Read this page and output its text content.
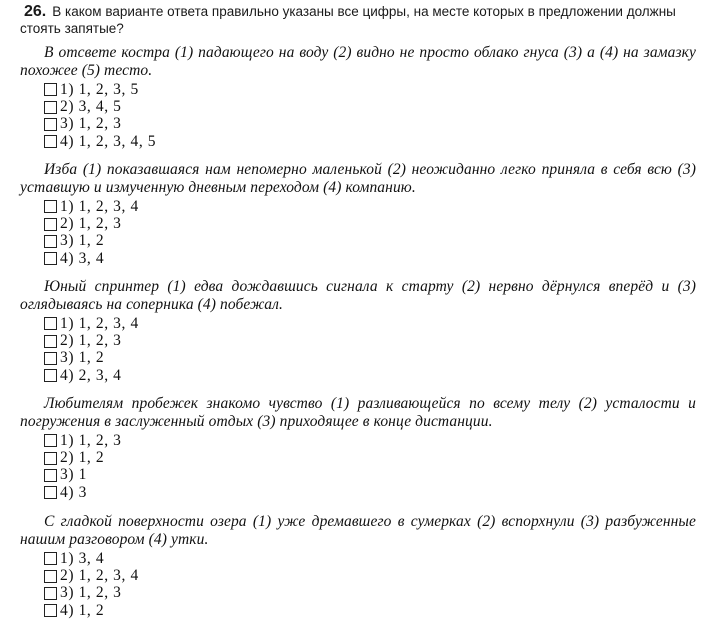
26. В каком варианте ответа правильно указаны все цифры, на месте которых в предложении должны стоять запятые?
В отсвете костра (1) падающего на воду (2) видно не просто облако гнуса (3) а (4) на замазку похожее (5) тесто.
1) 1, 2, 3, 5
2) 3, 4, 5
3) 1, 2, 3
4) 1, 2, 3, 4, 5
Изба (1) показавшаяся нам непомерно маленькой (2) неожиданно легко приняла в себя всю (3) уставшую и измученную дневным переходом (4) компанию.
1) 1, 2, 3, 4
2) 1, 2, 3
3) 1, 2
4) 3, 4
Юный спринтер (1) едва дождавшись сигнала к старту (2) нервно дёрнулся вперёд и (3) оглядываясь на соперника (4) побежал.
1) 1, 2, 3, 4
2) 1, 2, 3
3) 1, 2
4) 2, 3, 4
Любителям пробежек знакомо чувство (1) разливающейся по всему телу (2) усталости и погружения в заслуженный отдых (3) приходящее в конце дистанции.
1) 1, 2, 3
2) 1, 2
3) 1
4) 3
С гладкой поверхности озера (1) уже дремавшего в сумерках (2) вспорхнули (3) разбуженные нашим разговором (4) утки.
1) 3, 4
2) 1, 2, 3, 4
3) 1, 2, 3
4) 1, 2
